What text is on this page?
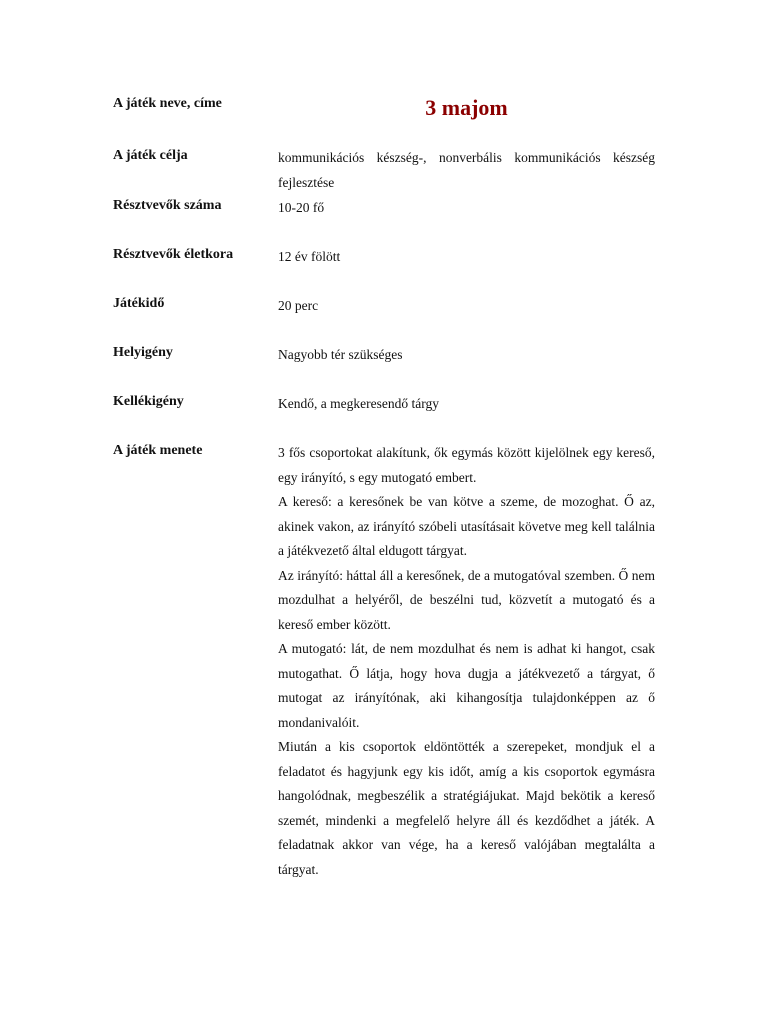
A játék neve, címe	3 majom
A játék célja	kommunikációs készség-, nonverbális kommunikációs készség fejlesztése
Résztvevők száma	10-20 fő
Résztvevők életkora	12 év fölött
Játékidő	20 perc
Helyigény	Nagyobb tér szükséges
Kellékigény	Kendő, a megkeresendő tárgy
A játék menete	3 fős csoportokat alakítunk, ők egymás között kijelölnek egy kereső, egy irányító, s egy mutogató embert.

A kereső: a keresőnek be van kötve a szeme, de mozoghat. Ő az, akinek vakon, az irányító szóbeli utasításait követve meg kell találnia a játékvezető által eldugott tárgyat.

Az irányító: háttal áll a keresőnek, de a mutogatóval szemben. Ő nem mozdulhat a helyéről, de beszélni tud, közvetít a mutogató és a kereső ember között.

A mutogató: lát, de nem mozdulhat és nem is adhat ki hangot, csak mutogathat. Ő látja, hogy hova dugja a játékvezető a tárgyat, ő mutogat az irányítónak, aki kihangosítja tulajdonképpen az ő mondanivalóit.

Miután a kis csoportok eldöntötték a szerepeket, mondjuk el a feladatot és hagyjunk egy kis időt, amíg a kis csoportok egymásra hangolódnak, megbeszélik a stratégiájukat. Majd bekötik a kereső szemét, mindenki a megfelelő helyre áll és kezdődhet a játék. A feladatnak akkor van vége, ha a kereső valójában megtalálta a tárgyat.
